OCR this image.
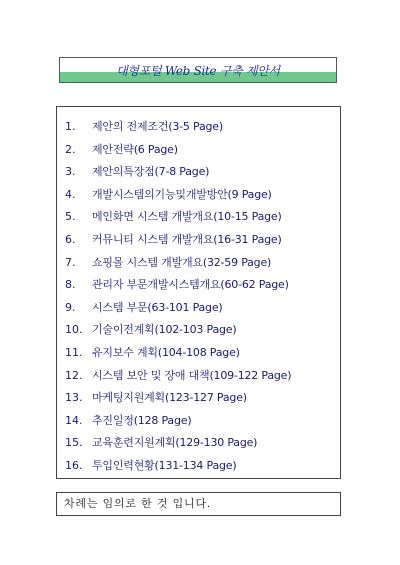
대형포털 Web Site 구축 제안서
1. 제안의 전제조건(3-5 Page)
2. 제안전략(6 Page)
3. 제안의특장점(7-8 Page)
4. 개발시스템의기능및개발방안(9 Page)
5. 메인화면 시스템 개발개요(10-15 Page)
6. 커뮤니티 시스템 개발개요(16-31 Page)
7. 쇼핑몰 시스템 개발개요(32-59 Page)
8. 관리자 부문개발시스템개요(60-62 Page)
9. 시스템 부문(63-101 Page)
10. 기술이전계획(102-103 Page)
11. 유지보수 계획(104-108 Page)
12. 시스템 보안 및 장애 대책(109-122 Page)
13. 마케팅지원계획(123-127 Page)
14. 추진일정(128 Page)
15. 교육훈련지원계획(129-130 Page)
16. 투입인력현황(131-134 Page)
차례는 임의로 한 것 입니다.
